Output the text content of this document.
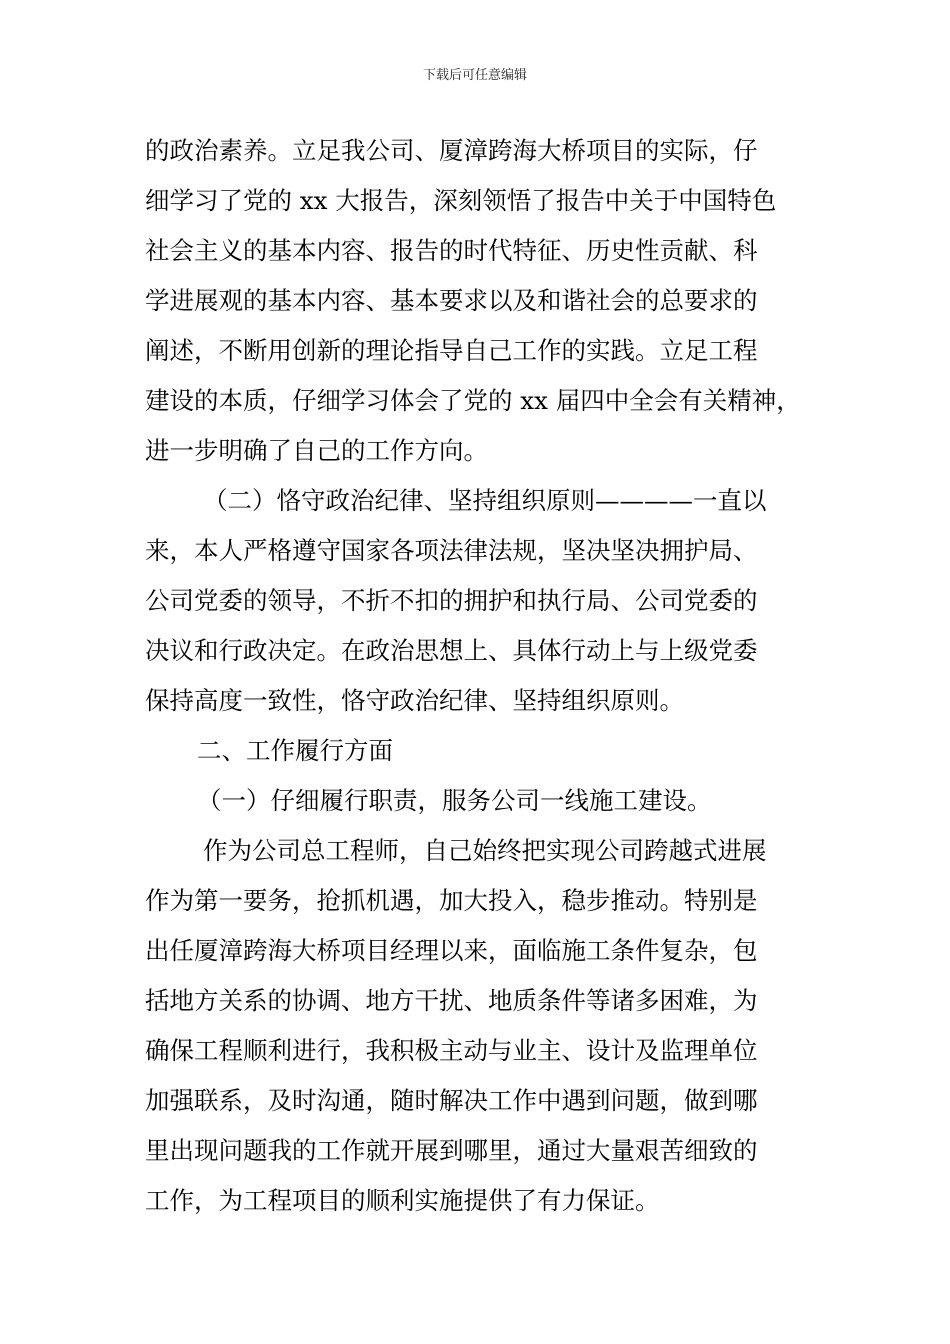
下载后可任意编辑
的政治素养。立足我公司、厦漳跨海大桥项目的实际，仔
细学习了党的 xx 大报告，深刻领悟了报告中关于中国特色
社会主义的基本内容、报告的时代特征、历史性贡献、科
学进展观的基本内容、基本要求以及和谐社会的总要求的
阐述，不断用创新的理论指导自己工作的实践。立足工程
建设的本质，仔细学习体会了党的 xx 届四中全会有关精神，
进一步明确了自己的工作方向。
（二）恪守政治纪律、坚持组织原则————一直以
来，本人严格遵守国家各项法律法规，坚决坚决拥护局、
公司党委的领导，不折不扣的拥护和执行局、公司党委的
决议和行政决定。在政治思想上、具体行动上与上级党委
保持高度一致性，恪守政治纪律、坚持组织原则。
二、工作履行方面
（一）仔细履行职责，服务公司一线施工建设。
作为公司总工程师，自己始终把实现公司跨越式进展
作为第一要务，抢抓机遇，加大投入，稳步推动。特别是
出任厦漳跨海大桥项目经理以来，面临施工条件复杂，包
括地方关系的协调、地方干扰、地质条件等诸多困难，为
确保工程顺利进行，我积极主动与业主、设计及监理单位
加强联系，及时沟通，随时解决工作中遇到问题，做到哪
里出现问题我的工作就开展到哪里，通过大量艰苦细致的
工作，为工程项目的顺利实施提供了有力保证。
